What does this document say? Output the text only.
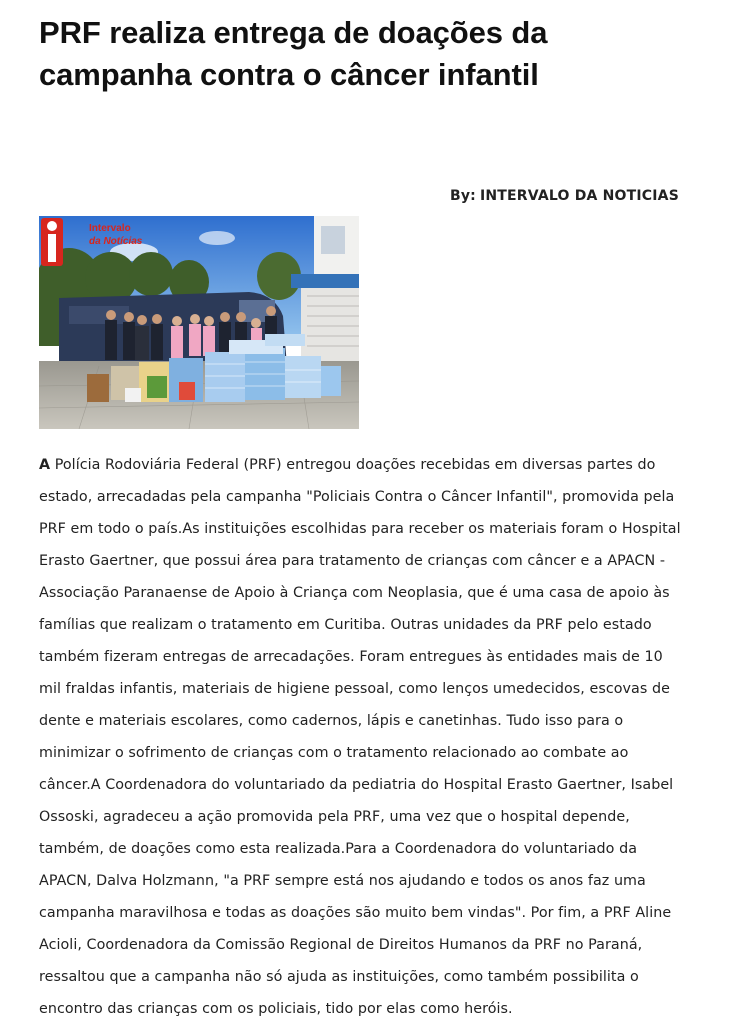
PRF realiza entrega de doações da campanha contra o câncer infantil
By: INTERVALO DA NOTICIAS
Intervalo
da Notícias

A Polícia Rodoviária Federal (PRF) entregou doações recebidas em diversas partes do estado, arrecadadas pela campanha "Policiais Contra o Câncer Infantil", promovida pela PRF em todo o país.As instituições escolhidas para receber os materiais foram o Hospital Erasto Gaertner, que possui área para tratamento de crianças com câncer e a APACN - Associação Paranaense de Apoio à Criança com Neoplasia, que é uma casa de apoio às famílias que realizam o tratamento em Curitiba. Outras unidades da PRF pelo estado também fizeram entregas de arrecadações. Foram entregues às entidades mais de 10 mil fraldas infantis, materiais de higiene pessoal, como lenços umedecidos, escovas de dente e materiais escolares, como cadernos, lápis e canetinhas. Tudo isso para o minimizar o sofrimento de crianças com o tratamento relacionado ao combate ao câncer.A Coordenadora do voluntariado da pediatria do Hospital Erasto Gaertner, Isabel Ossoski, agradeceu a ação promovida pela PRF, uma vez que o hospital depende, também, de doações como esta realizada.Para a Coordenadora do voluntariado da APACN, Dalva Holzmann, "a PRF sempre está nos ajudando e todos os anos faz uma campanha maravilhosa e todas as doações são muito bem vindas". Por fim, a PRF Aline Acioli, Coordenadora da Comissão Regional de Direitos Humanos da PRF no Paraná, ressaltou que a campanha não só ajuda as instituições, como também possibilita o encontro das crianças com os policiais, tido por elas como heróis.
